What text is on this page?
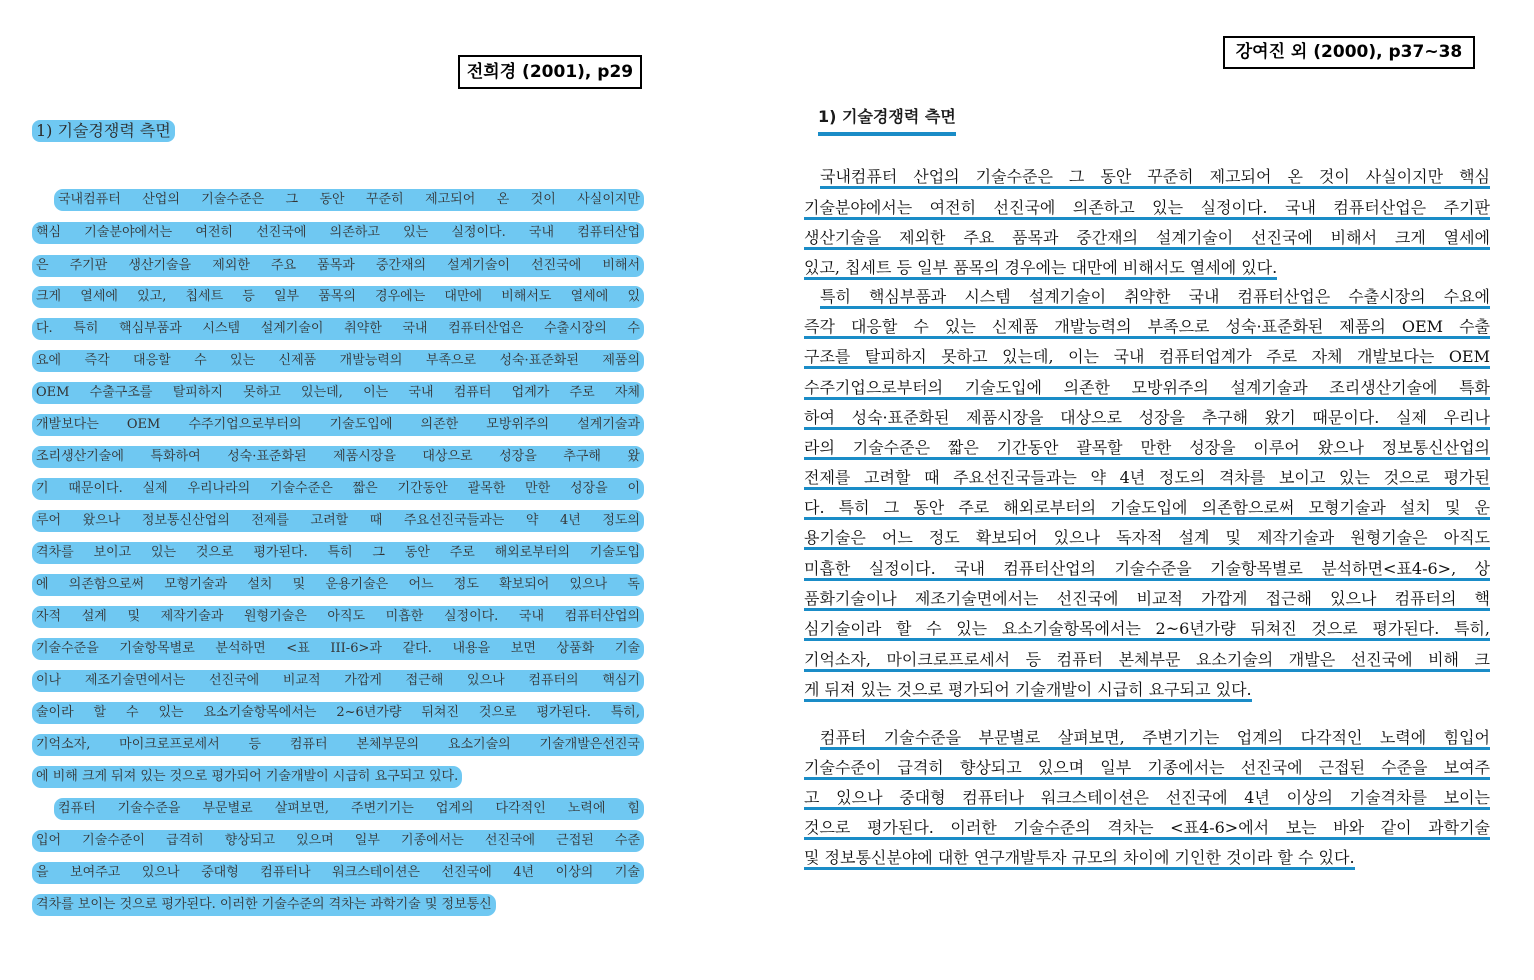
전희경 (2001), p29
1) 기술경쟁력 측면
국내컴퓨터 산업의 기술수준은 그 동안 꾸준히 제고되어 온 것이 사실이지만
핵심 기술분야에서는 여전히 선진국에 의존하고 있는 실정이다. 국내 컴퓨터산업
은 주기판 생산기술을 제외한 주요 품목과 중간재의 설계기술이 선진국에 비해서
크게 열세에 있고, 칩세트 등 일부 품목의 경우에는 대만에 비해서도 열세에 있
다. 특히 핵심부품과 시스템 설계기술이 취약한 국내 컴퓨터산업은 수출시장의 수
요에 즉각 대응할 수 있는 신제품 개발능력의 부족으로 성숙·표준화된 제품의
OEM 수출구조를 탈피하지 못하고 있는데, 이는 국내 컴퓨터 업계가 주로 자체
개발보다는 OEM 수주기업으로부터의 기술도입에 의존한 모방위주의 설계기술과
조리생산기술에 특화하여 성숙·표준화된 제품시장을 대상으로 성장을 추구해 왔
기 때문이다. 실제 우리나라의 기술수준은 짧은 기간동안 괄목한 만한 성장을 이
루어 왔으나 정보통신산업의 전제를 고려할 때 주요선진국들과는 약 4년 정도의
격차를 보이고 있는 것으로 평가된다. 특히 그 동안 주로 해외로부터의 기술도입
에 의존함으로써 모형기술과 설치 및 운용기술은 어느 정도 확보되어 있으나 독
자적 설계 및 제작기술과 원형기술은 아직도 미흡한 실정이다. 국내 컴퓨터산업의
기술수준을 기술항목별로 분석하면 <표 III-6>과 같다. 내용을 보면 상품화 기술
이나 제조기술면에서는 선진국에 비교적 가깝게 접근해 있으나 컴퓨터의 핵심기
술이라 할 수 있는 요소기술항목에서는 2~6년가량 뒤쳐진 것으로 평가된다. 특히,
기억소자, 마이크로프로세서 등 컴퓨터 본체부문의 요소기술의 기술개발은선진국
에 비해 크게 뒤져 있는 것으로 평가되어 기술개발이 시급히 요구되고 있다.
컴퓨터 기술수준을 부문별로 살펴보면, 주변기기는 업계의 다각적인 노력에 힘
입어 기술수준이 급격히 향상되고 있으며 일부 기종에서는 선진국에 근접된 수준
을 보여주고 있으나 중대형 컴퓨터나 워크스테이션은 선진국에 4년 이상의 기술
격차를 보이는 것으로 평가된다. 이러한 기술수준의 격차는 과학기술 및 정보통신
강여진 외 (2000), p37~38
1) 기술경쟁력 측면
국내컴퓨터 산업의 기술수준은 그 동안 꾸준히 제고되어 온 것이 사실이지만 핵심
기술분야에서는 여전히 선진국에 의존하고 있는 실정이다. 국내 컴퓨터산업은 주기판
생산기술을 제외한 주요 품목과 중간재의 설계기술이 선진국에 비해서 크게 열세에
있고, 칩세트 등 일부 품목의 경우에는 대만에 비해서도 열세에 있다.
특히 핵심부품과 시스템 설계기술이 취약한 국내 컴퓨터산업은 수출시장의 수요에
즉각 대응할 수 있는 신제품 개발능력의 부족으로 성숙·표준화된 제품의 OEM 수출
구조를 탈피하지 못하고 있는데, 이는 국내 컴퓨터업계가 주로 자체 개발보다는 OEM
수주기업으로부터의 기술도입에 의존한 모방위주의 설계기술과 조리생산기술에 특화
하여 성숙·표준화된 제품시장을 대상으로 성장을 추구해 왔기 때문이다. 실제 우리나
라의 기술수준은 짧은 기간동안 괄목할 만한 성장을 이루어 왔으나 정보통신산업의
전제를 고려할 때 주요선진국들과는 약 4년 정도의 격차를 보이고 있는 것으로 평가된
다. 특히 그 동안 주로 해외로부터의 기술도입에 의존함으로써 모형기술과 설치 및 운
용기술은 어느 정도 확보되어 있으나 독자적 설계 및 제작기술과 원형기술은 아직도
미흡한 실정이다. 국내 컴퓨터산업의 기술수준을 기술항목별로 분석하면<표4-6>, 상
품화기술이나 제조기술면에서는 선진국에 비교적 가깝게 접근해 있으나 컴퓨터의 핵
심기술이라 할 수 있는 요소기술항목에서는 2~6년가량 뒤쳐진 것으로 평가된다. 특히,
기억소자, 마이크로프로세서 등 컴퓨터 본체부문 요소기술의 개발은 선진국에 비해 크
게 뒤져 있는 것으로 평가되어 기술개발이 시급히 요구되고 있다.
컴퓨터 기술수준을 부문별로 살펴보면, 주변기기는 업계의 다각적인 노력에 힘입어
기술수준이 급격히 향상되고 있으며 일부 기종에서는 선진국에 근접된 수준을 보여주
고 있으나 중대형 컴퓨터나 워크스테이션은 선진국에 4년 이상의 기술격차를 보이는
것으로 평가된다. 이러한 기술수준의 격차는 <표4-6>에서 보는 바와 같이 과학기술
및 정보통신분야에 대한 연구개발투자 규모의 차이에 기인한 것이라 할 수 있다.
